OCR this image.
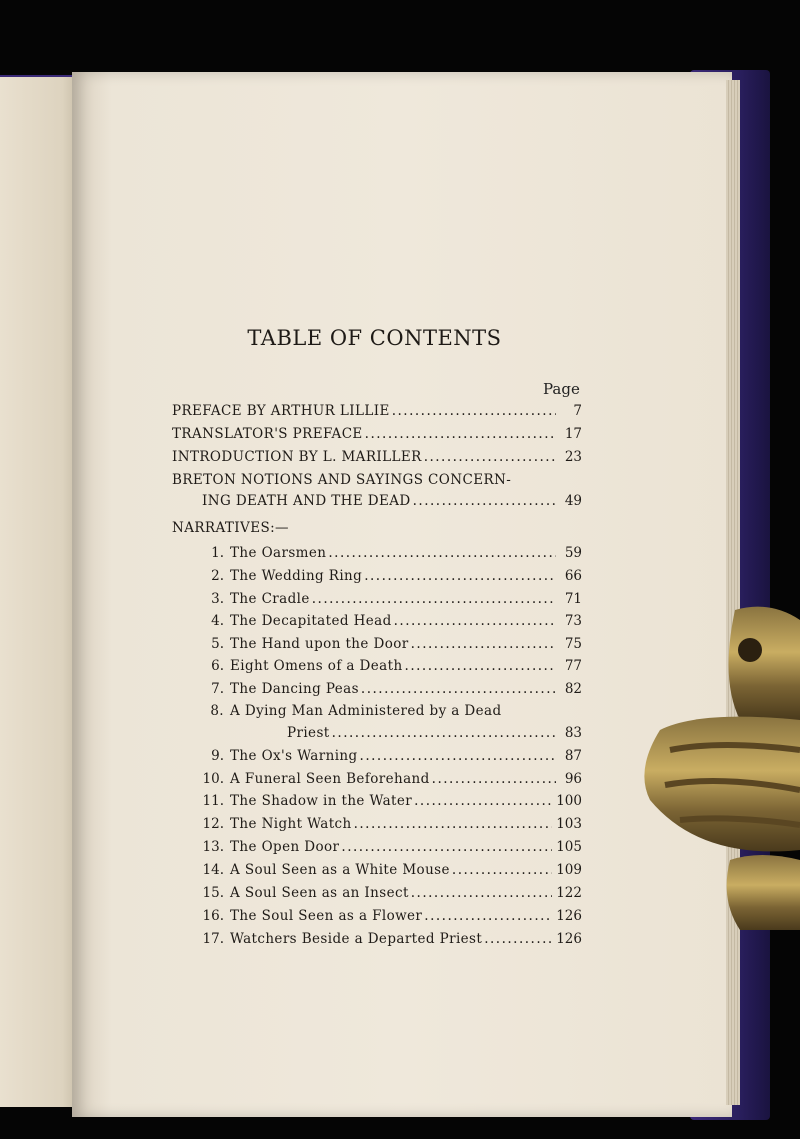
TABLE OF CONTENTS
Page
PREFACE BY ARTHUR LILLIE .....	7
TRANSLATOR'S PREFACE .....	17
INTRODUCTION BY L. MARILLER .....	23
BRETON NOTIONS AND SAYINGS CONCERN-
ING DEATH AND THE DEAD .....	49
NARRATIVES:—
1. The Oarsmen .....	59
2. The Wedding Ring .....	66
3. The Cradle .....	71
4. The Decapitated Head .....	73
5. The Hand upon the Door .....	75
6. Eight Omens of a Death .....	77
7. The Dancing Peas .....	82
8. A Dying Man Administered by a Dead
Priest .....	83
9. The Ox's Warning .....	87
10. A Funeral Seen Beforehand .....	96
11. The Shadow in the Water .....	100
12. The Night Watch .....	103
13. The Open Door .....	105
14. A Soul Seen as a White Mouse .....	109
15. A Soul Seen as an Insect .....	122
16. The Soul Seen as a Flower .....	126
17. Watchers Beside a Departed Priest .....	126
